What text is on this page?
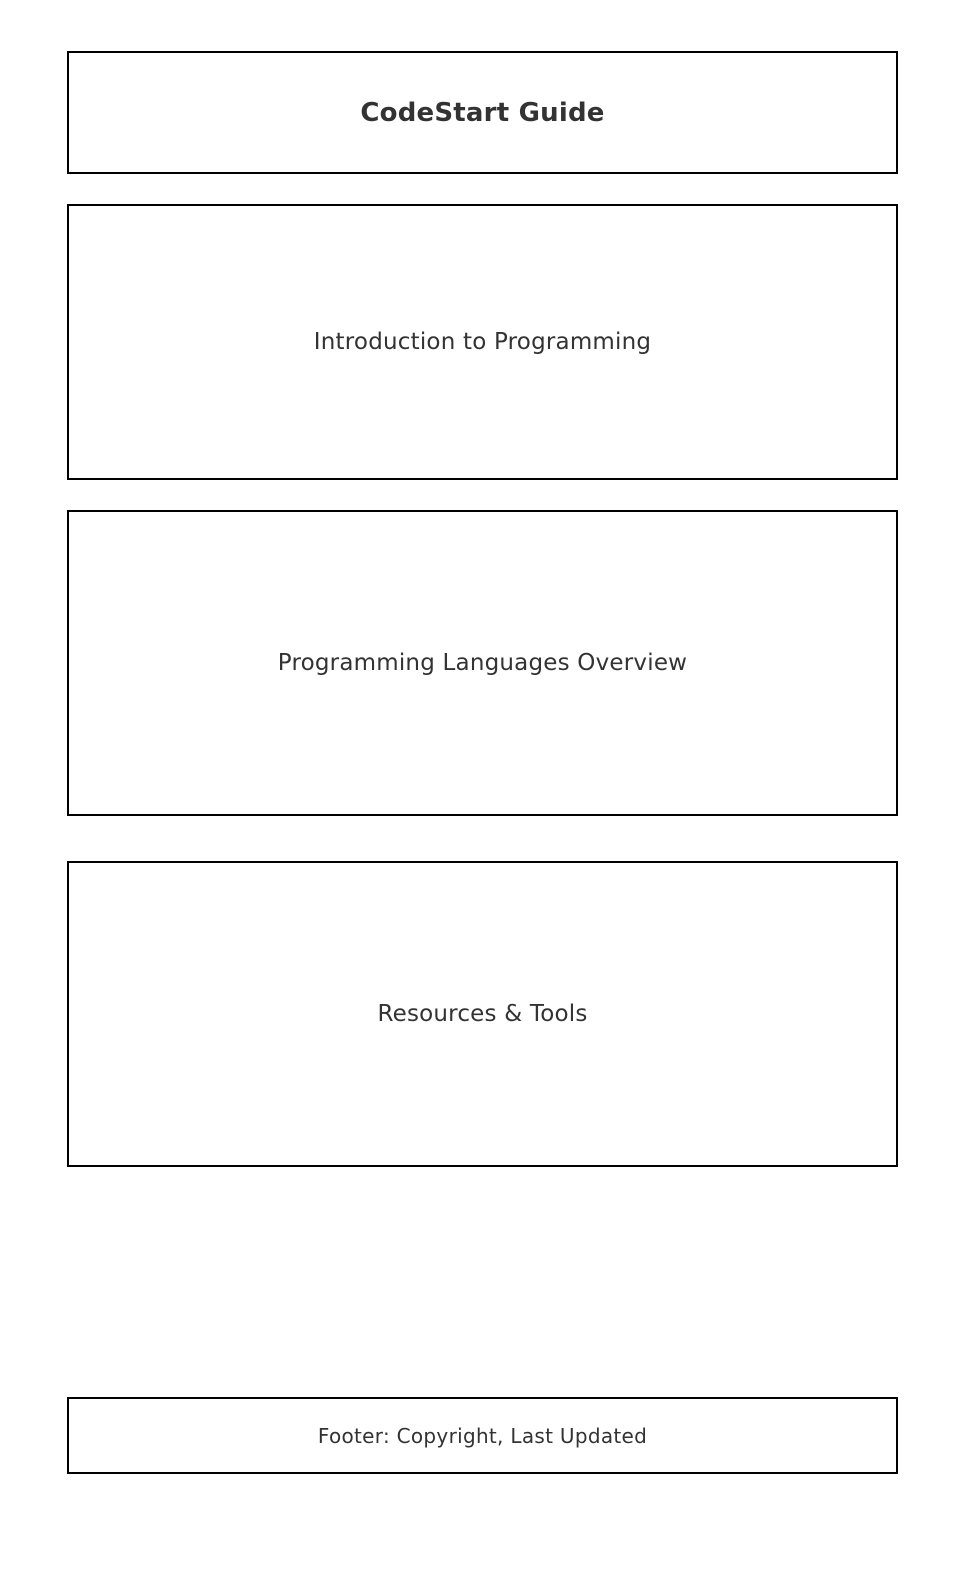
CodeStart Guide
Introduction to Programming
Programming Languages Overview
Resources & Tools
Footer: Copyright, Last Updated
